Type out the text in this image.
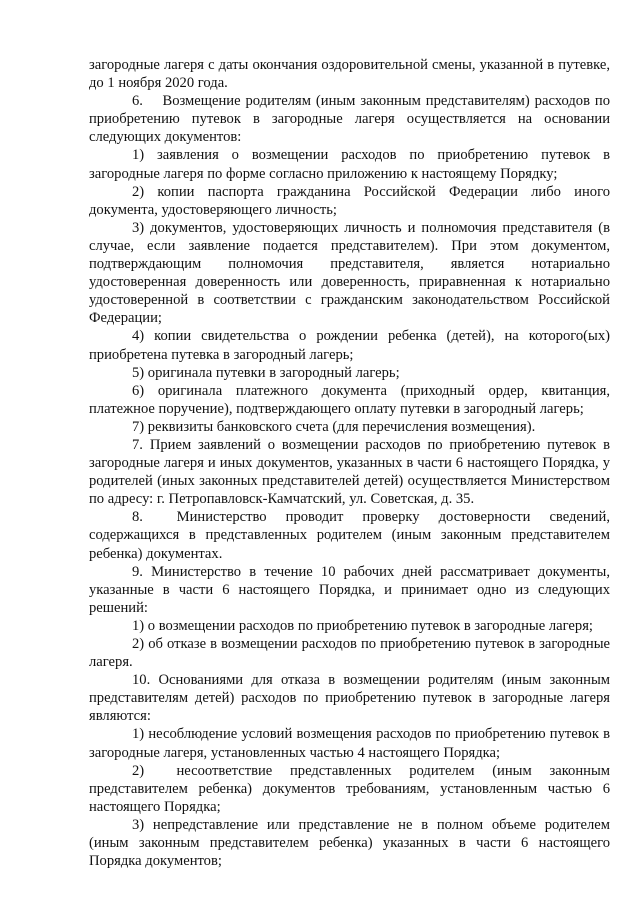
загородные лагеря с даты окончания оздоровительной смены, указанной в путевке, до 1 ноября 2020 года.

6.  Возмещение родителям (иным законным представителям) расходов по приобретению путевок в загородные лагеря осуществляется на основании следующих документов:

1) заявления о возмещении расходов по приобретению путевок в загородные лагеря по форме согласно приложению к настоящему Порядку;

2) копии паспорта гражданина Российской Федерации либо иного документа, удостоверяющего личность;

3) документов, удостоверяющих личность и полномочия представителя (в случае, если заявление подается представителем). При этом документом, подтверждающим полномочия представителя, является нотариально удостоверенная доверенность или доверенность, приравненная к нотариально удостоверенной в соответствии с гражданским законодательством Российской Федерации;

4) копии свидетельства о рождении ребенка (детей), на которого(ых) приобретена путевка в загородный лагерь;

5) оригинала путевки в загородный лагерь;

6) оригинала платежного документа (приходный ордер, квитанция, платежное поручение), подтверждающего оплату путевки в загородный лагерь;

7) реквизиты банковского счета (для перечисления возмещения).

7. Прием заявлений о возмещении расходов по приобретению путевок в загородные лагеря и иных документов, указанных в части 6 настоящего Порядка, у родителей (иных законных представителей детей) осуществляется Министерством по адресу: г. Петропавловск-Камчатский, ул. Советская, д. 35.

8.  Министерство проводит проверку достоверности сведений, содержащихся в представленных родителем (иным законным представителем ребенка) документах.

9. Министерство в течение 10 рабочих дней рассматривает документы, указанные в части 6 настоящего Порядка, и принимает одно из следующих решений:

1) о возмещении расходов по приобретению путевок в загородные лагеря;

2) об отказе в возмещении расходов по приобретению путевок в загородные лагеря.

10. Основаниями для отказа в возмещении родителям (иным законным представителям детей) расходов по приобретению путевок в загородные лагеря являются:

1) несоблюдение условий возмещения расходов по приобретению путевок в загородные лагеря, установленных частью 4 настоящего Порядка;

2)  несоответствие представленных родителем (иным законным представителем ребенка) документов требованиям, установленным частью 6 настоящего Порядка;

3) непредставление или представление не в полном объеме родителем (иным законным представителем ребенка) указанных в части 6 настоящего Порядка документов;
